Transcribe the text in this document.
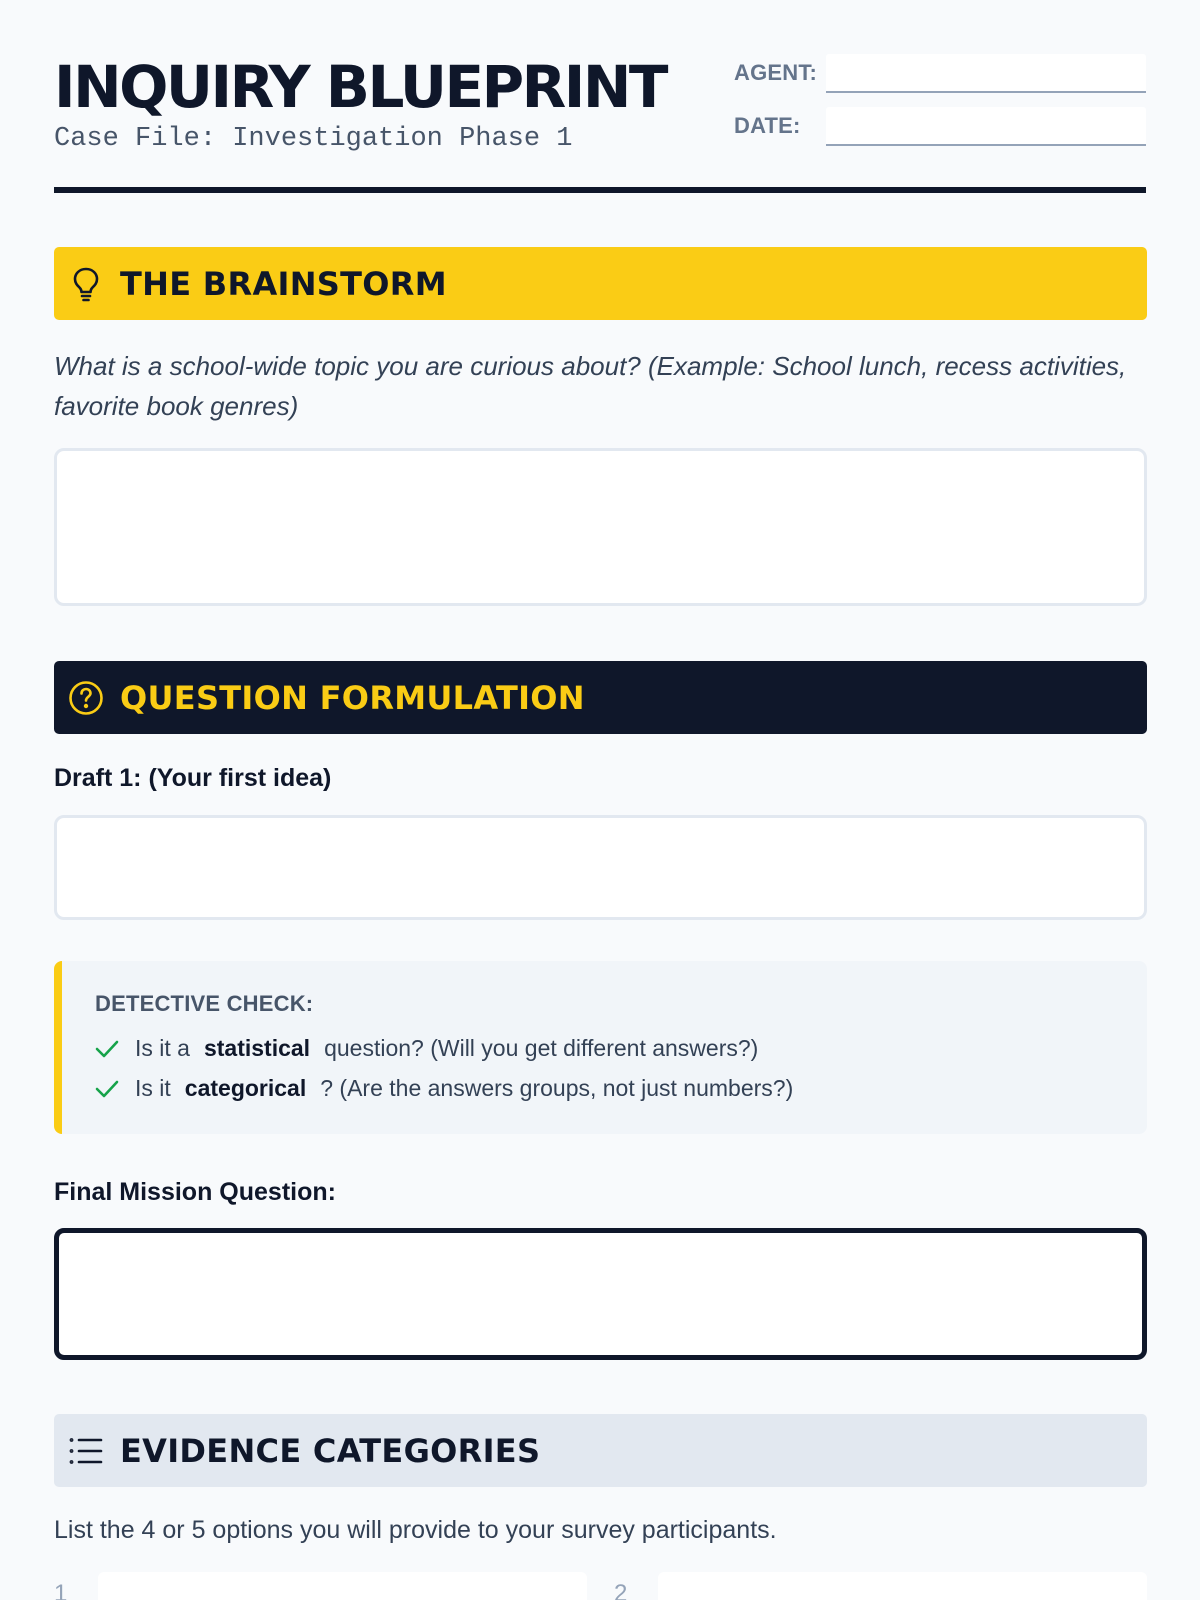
INQUIRY BLUEPRINT
Case File: Investigation Phase 1
AGENT:
DATE:
THE BRAINSTORM
What is a school-wide topic you are curious about? (Example: School lunch, recess activities, favorite book genres)
QUESTION FORMULATION
Draft 1: (Your first idea)
DETECTIVE CHECK:
Is it a statistical question? (Will you get different answers?)
Is it categorical ? (Are the answers groups, not just numbers?)
Final Mission Question:
EVIDENCE CATEGORIES
List the 4 or 5 options you will provide to your survey participants.
1	2
